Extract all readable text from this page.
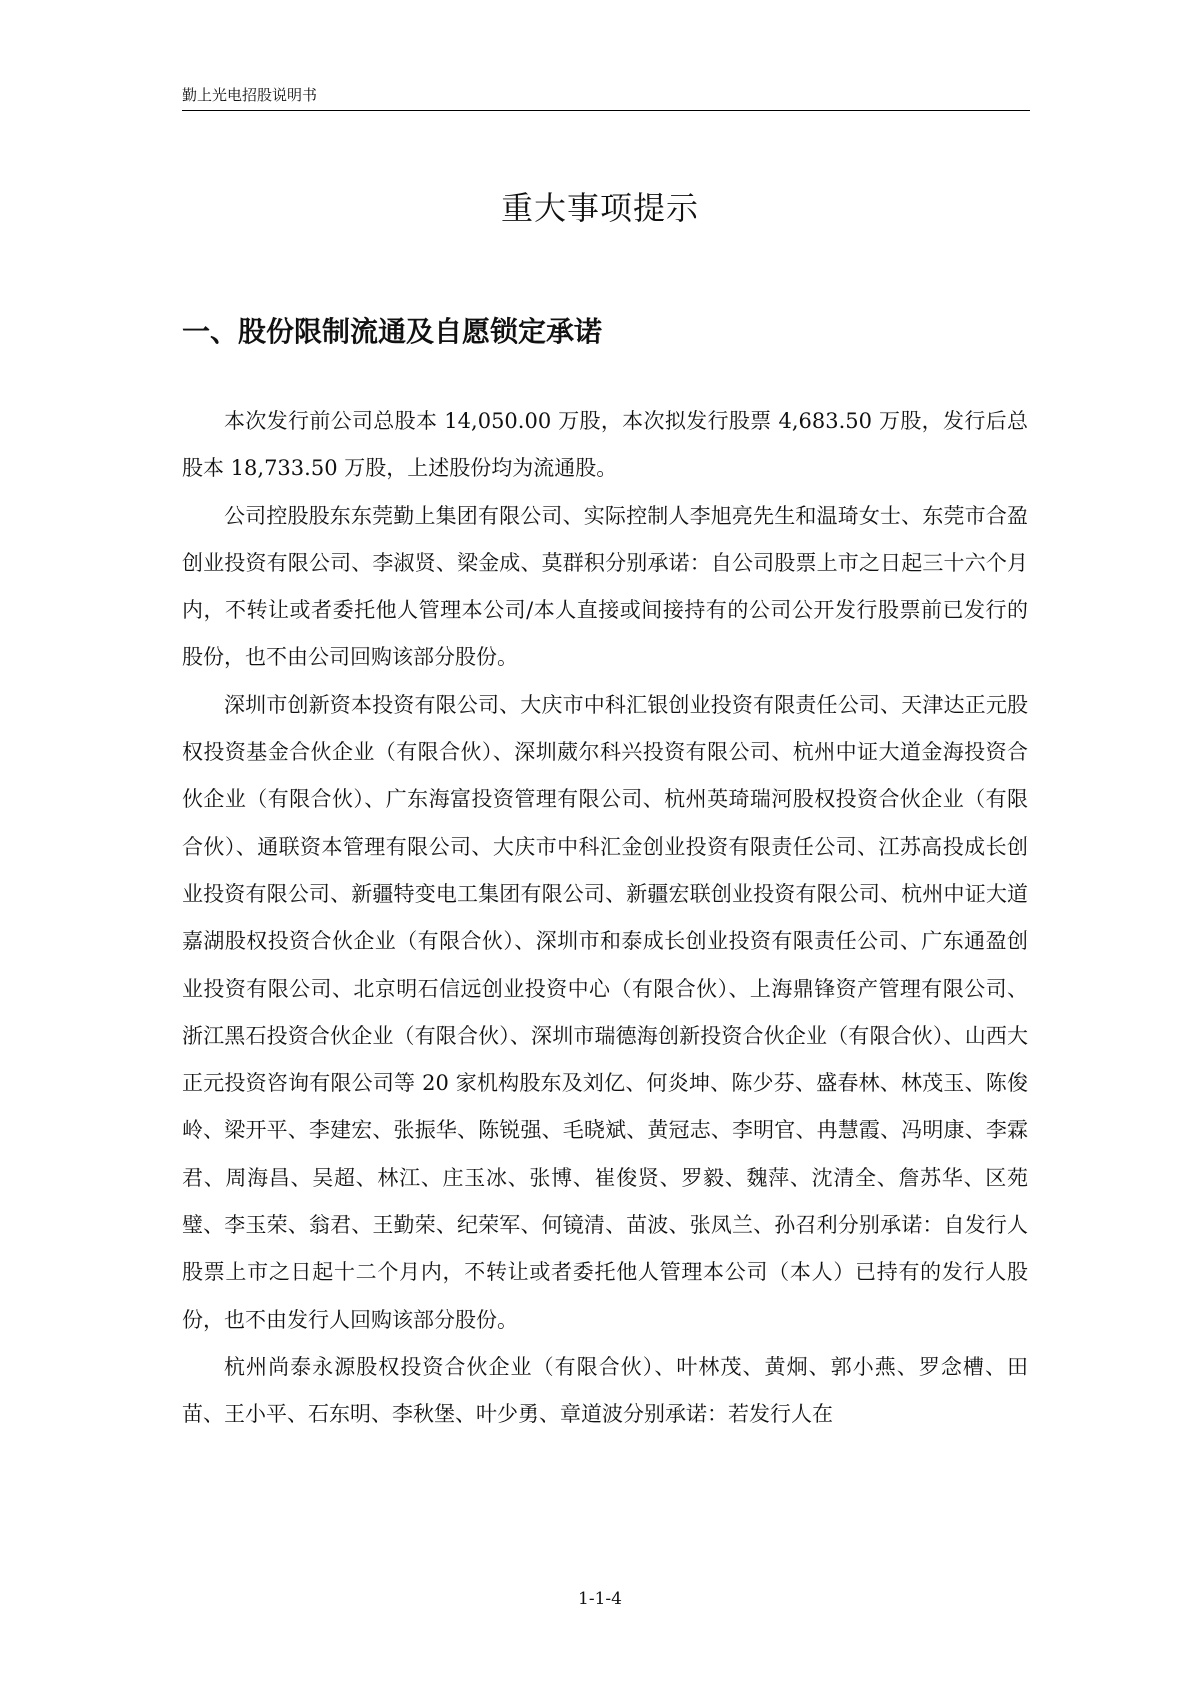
勤上光电招股说明书
重大事项提示
一、股份限制流通及自愿锁定承诺

本次发行前公司总股本 14,050.00 万股，本次拟发行股票 4,683.50 万股，发行后总股本 18,733.50 万股，上述股份均为流通股。

公司控股股东东莞勤上集团有限公司、实际控制人李旭亮先生和温琦女士、东莞市合盈创业投资有限公司、李淑贤、梁金成、莫群积分别承诺：自公司股票上市之日起三十六个月内，不转让或者委托他人管理本公司/本人直接或间接持有的公司公开发行股票前已发行的股份，也不由公司回购该部分股份。

深圳市创新资本投资有限公司、大庆市中科汇银创业投资有限责任公司、天津达正元股权投资基金合伙企业（有限合伙）、深圳葳尔科兴投资有限公司、杭州中证大道金海投资合伙企业（有限合伙）、广东海富投资管理有限公司、杭州英琦瑞河股权投资合伙企业（有限合伙）、通联资本管理有限公司、大庆市中科汇金创业投资有限责任公司、江苏高投成长创业投资有限公司、新疆特变电工集团有限公司、新疆宏联创业投资有限公司、杭州中证大道嘉湖股权投资合伙企业（有限合伙）、深圳市和泰成长创业投资有限责任公司、广东通盈创业投资有限公司、北京明石信远创业投资中心（有限合伙）、上海鼎锋资产管理有限公司、浙江黑石投资合伙企业（有限合伙）、深圳市瑞德海创新投资合伙企业（有限合伙）、山西大正元投资咨询有限公司等 20 家机构股东及刘亿、何炎坤、陈少芬、盛春林、林茂玉、陈俊岭、梁开平、李建宏、张振华、陈锐强、毛晓斌、黄冠志、李明官、冉慧霞、冯明康、李霖君、周海昌、吴超、林江、庄玉冰、张博、崔俊贤、罗毅、魏萍、沈清全、詹苏华、区苑璧、李玉荣、翁君、王勤荣、纪荣军、何镜清、苗波、张凤兰、孙召利分别承诺：自发行人股票上市之日起十二个月内，不转让或者委托他人管理本公司（本人）已持有的发行人股份，也不由发行人回购该部分股份。

杭州尚泰永源股权投资合伙企业（有限合伙）、叶林茂、黄炯、郭小燕、罗念槽、田苗、王小平、石东明、李秋堡、叶少勇、章道波分别承诺：若发行人在

1-1-4
